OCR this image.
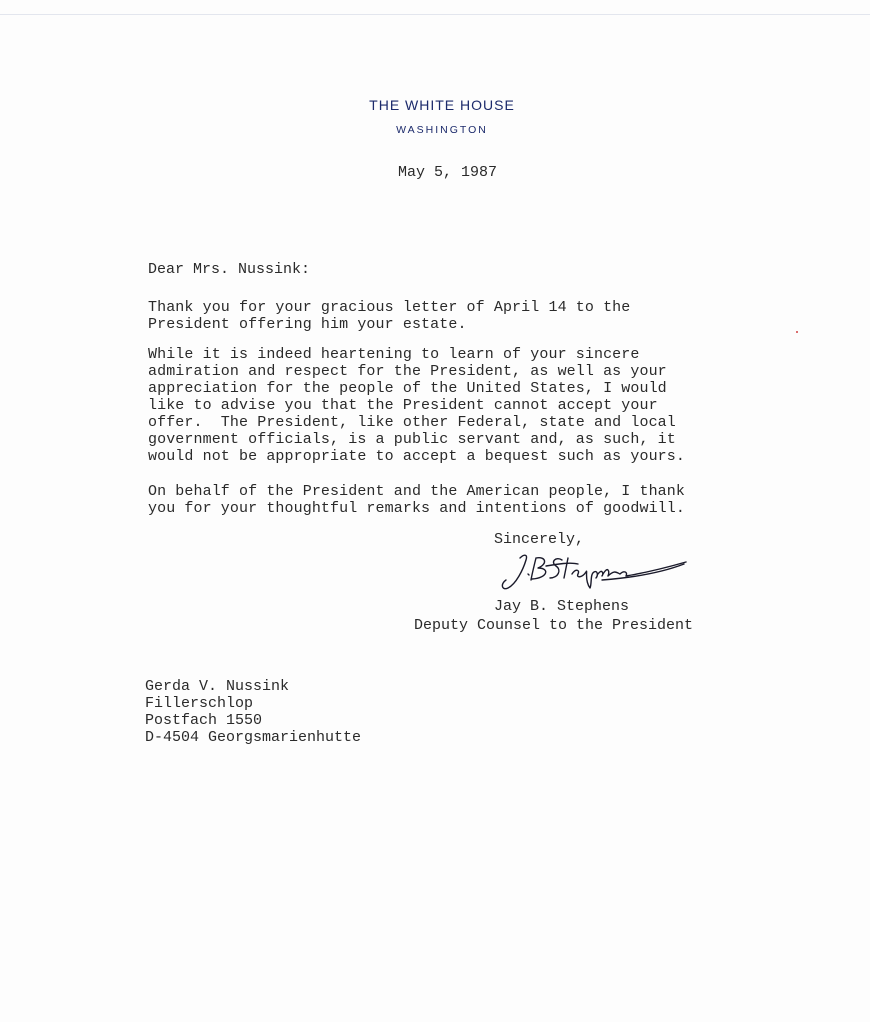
THE WHITE HOUSE
WASHINGTON
May 5, 1987
Dear Mrs. Nussink:
Thank you for your gracious letter of April 14 to the
President offering him your estate.
While it is indeed heartening to learn of your sincere
admiration and respect for the President, as well as your
appreciation for the people of the United States, I would
like to advise you that the President cannot accept your
offer.  The President, like other Federal, state and local
government officials, is a public servant and, as such, it
would not be appropriate to accept a bequest such as yours.
On behalf of the President and the American people, I thank
you for your thoughtful remarks and intentions of goodwill.
Sincerely,
Jay B. Stephens
Deputy Counsel to the President
Gerda V. Nussink
Fillerschlop
Postfach 1550
D-4504 Georgsmarienhutte
